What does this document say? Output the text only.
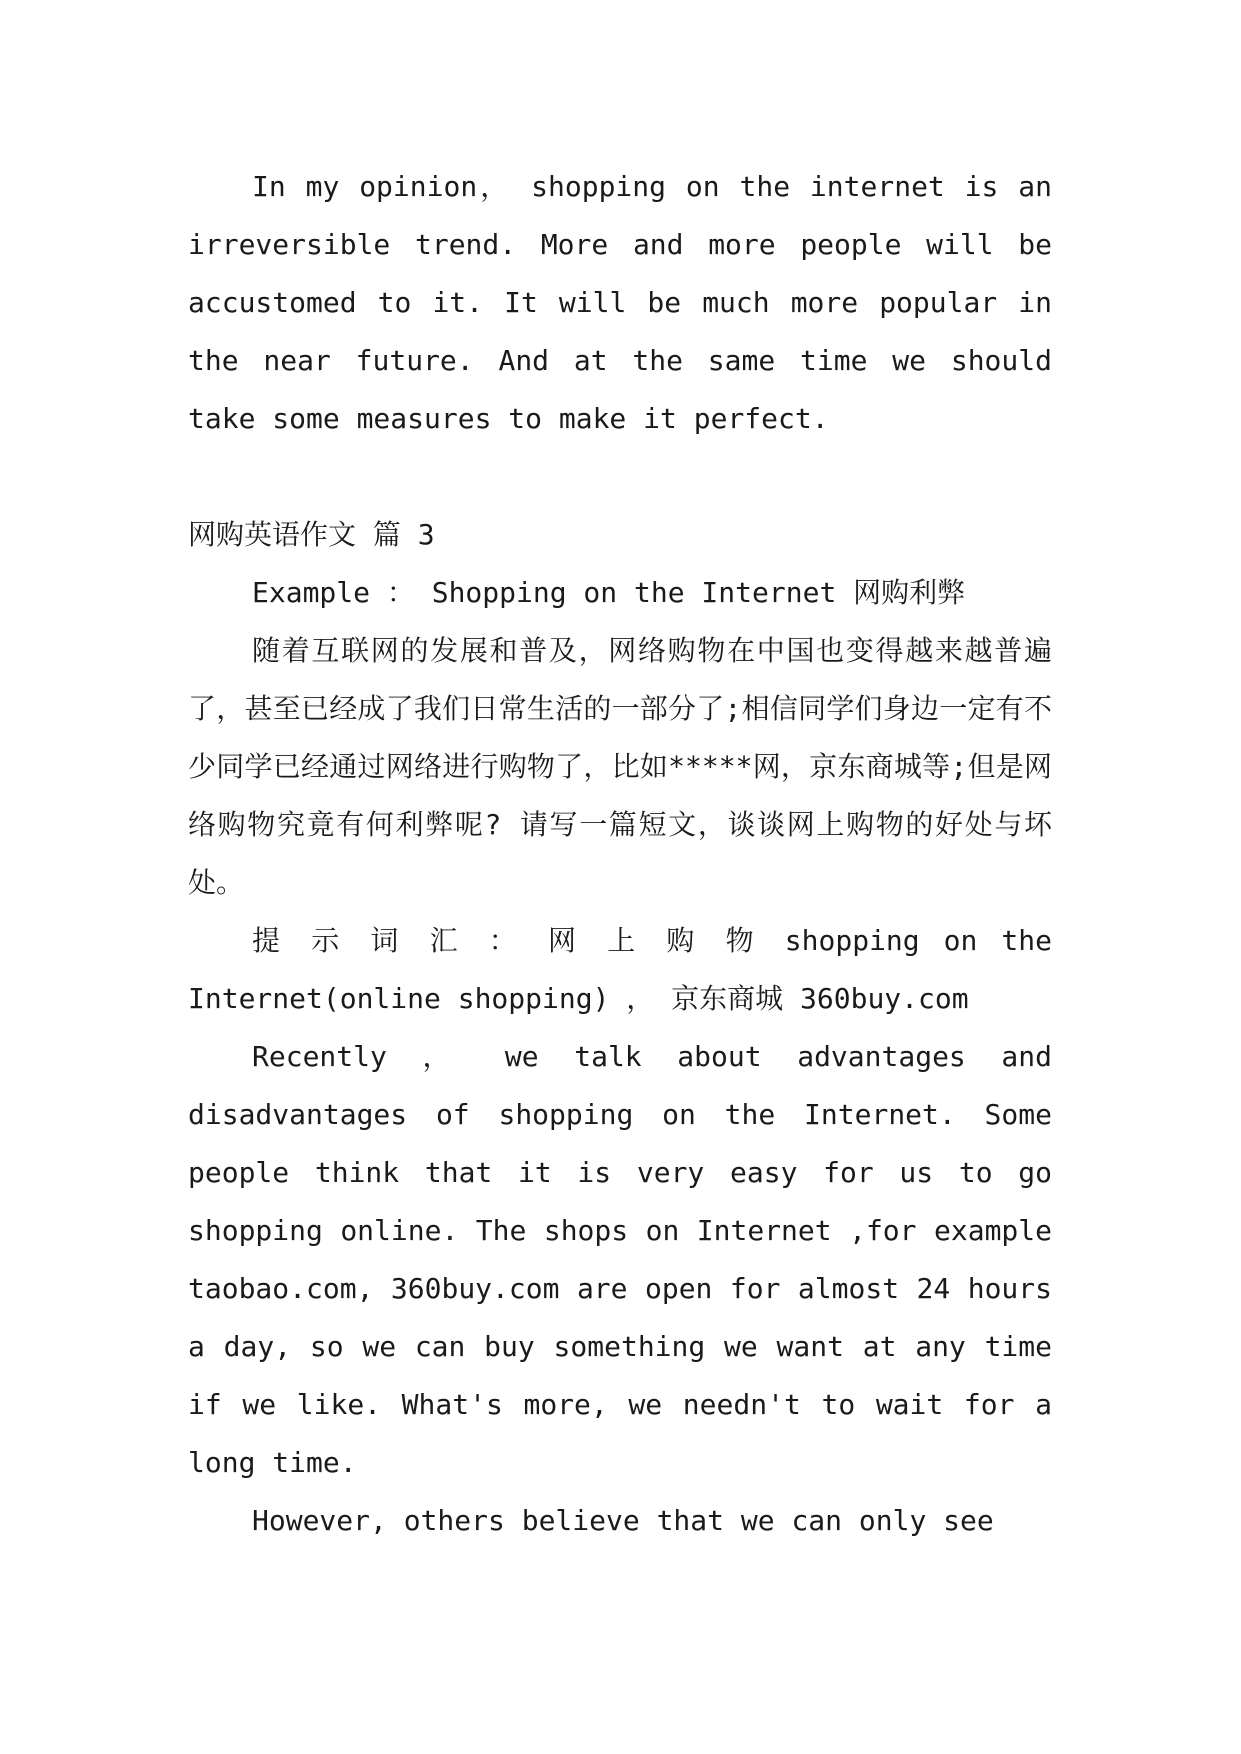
In my opinion， shopping on the internet is an irreversible trend. More and more people will be accustomed to it. It will be much more popular in the near future. And at the same time we should take some measures to make it perfect.

网购英语作文 篇 3

Example ： Shopping on the Internet 网购利弊

随着互联网的发展和普及，网络购物在中国也变得越来越普遍了，甚至已经成了我们日常生活的一部分了;相信同学们身边一定有不少同学已经通过网络进行购物了，比如*****网，京东商城等;但是网络购物究竟有何利弊呢? 请写一篇短文，谈谈网上购物的好处与坏处。

提 示 词 汇 ： 网 上 购 物 shopping on the Internet(online shopping) ， 京东商城 360buy.com

Recently ， we talk about advantages and disadvantages of shopping on the Internet. Some people think that it is very easy for us to go shopping online. The shops on Internet ,for example taobao.com, 360buy.com are open for almost 24 hours a day, so we can buy something we want at any time if we like. What's more, we needn't to wait for a long time.

However, others believe that we can only see
